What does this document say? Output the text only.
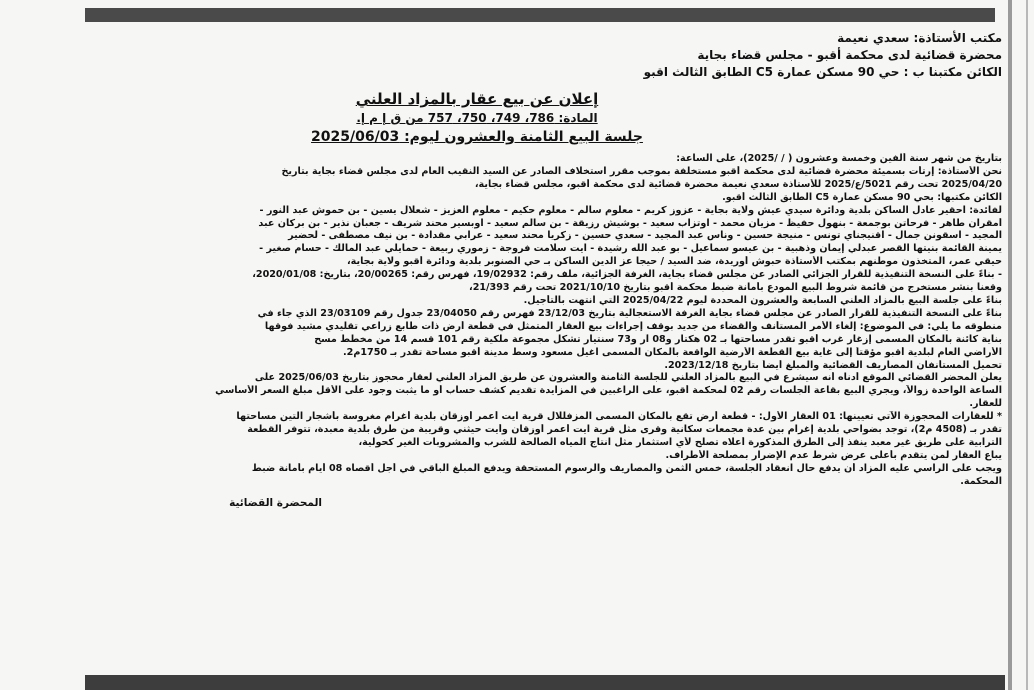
مكتب الأستاذة: سعدي نعيمة
محضرة قضائية لدى محكمة أقبو - مجلس قضاء بجاية
الكائن مكتبنا ب : حي 90 مسكن عمارة C5 الطابق الثالث اقبو
إعلان عن بيع عقار بالمزاد العلني
المادة: 786، 749، 750، 757 من ق إ م إ.
جلسة البيع الثامنة والعشرون ليوم: 2025/06/03
بتاريخ من شهر سنة ألفين وخمسة وعشرون ( / /2025)، على الساعة:
نحن الأستاذة: إرتأت بسميئة محضرة قضائية لدى محكمة أقبو مستخلفة بموجب مقرر استخلاف الصادر عن السيد النقيب العام لدى مجلس قضاء بجاية بتاريخ
2025/04/20 تحت رقم 5021/ع/2025 للأستاذة سعدي نعيمة محضرة قضائية لدى محكمة أقبو، مجلس قضاء بجاية،
الكائن مكتبها: بحي 90 مسكن عمارة C5 الطابق الثالث أقبو.
لفائدة: احقير عادل الساكن بلدية ودائرة سيدي عيش ولاية بجاية - عزوز كريم - معلوم سالم - معلوم حكيم - معلوم العزيز - شعلال يسين - بن حموش عبد النور -
أمقران طاهر - فرحاتن بوجمعة - بنهول حفيظ - مزيان محمد - اوتزاب سعيد - بوشيش رزيقة - بن سالم سعيد - اوبسير محند شريف - جعبان نذير - بن بركان عبد
المجيد - اسقونن جمال - اقنيجناي تونس - منيجة حسين - وناس عبد المجيد - سعدي حسين - زكريا محند سعيد - عرابي مقدادة - بن نيف مصطفى - لحضير
يمينة القائمة بنيتها القصر عبدلي إيمان وذهبية - بن عيسو سماعيل - بو عبد الله رشيدة - ايت سلامت فروجة - زموري ربيعة - حمايلي عبد المالك - حسام صغير -
حيقي عمر، المتخذون موطنهم بمكتب الأستاذة حبوش أوريدة، ضد السيد / حيجا عز الدين الساكن بـ حي الصنوبر بلدية ودائرة أقبو ولاية بجاية،
- بناءً على النسخة التنفيذية للقرار الجزائي الصادر عن مجلس قضاء بجاية، الغرفة الجزائية، ملف رقم: 19/02932، فهرس رقم: 20/00265، بتاريخ: 2020/01/08،
وقعنا بنشر مستخرج من قائمة شروط البيع المودع بأمانة ضبط محكمة أقبو بتاريخ 2021/10/10 تحت رقم 21/393،
بناءً على جلسة البيع بالمزاد العلني السابعة والعشرون المحددة ليوم 2025/04/22 التي انتهت بالتأجيل.
بناءً على النسخة التنفيذية للقرار الصادر عن مجلس قضاء بجاية الغرفة الاستعجالية بتاريخ 23/12/03 فهرس رقم 23/04050 جدول رقم 23/03109 الذي جاء في
منطوقه ما يلي: في الموضوع: إلغاء الأمر المستأنف والقضاء من جديد بوقف إجراءات بيع العقار المتمثل في قطعة أرض ذات طابع زراعي تقليدي مشيد فوقها
بناية كائنة بالمكان المسمى إزغار غرب أقبو تقدر مساحتها بـ 02 هكتار و08 آر و73 سنتيار تشكل مجموعة ملكية رقم 101 قسم 14 من مخطط مسح
الأراضي العام لبلدية أقبو مؤقتاً إلى غاية بيع القطعة الأرضية الواقعة بالمكان المسمى اغيل مسعود وسط مدينة أقبو مساحة تقدر بـ 1750م2.
تحميل المستأنفان المصاريف القضائية والمبلغ أيضاً بتاريخ 2023/12/18.
يعلن المحضر القضائي الموقع أدناه أنه سيشرع في البيع بالمزاد العلني للجلسة الثامنة والعشرون عن طريق المزاد العلني لعقار محجوز بتاريخ 2025/06/03 على
الساعة الواحدة زوالاً، ويجري البيع بقاعة الجلسات رقم 02 لمحكمة أقبو، على الراغبين في المزايدة تقديم كشف حساب أو ما يثبت وجود على الأقل مبلغ السعر الأساسي
للعقار.
* للعقارات المحجوزة الآتي تعيينها: 01 العقار الأول: - قطعة أرض تقع بالمكان المسمى المزفللال قرية ايت أعمر أوزقان بلدية أغرام مغروسة بأشجار التين مساحتها
تقدر بـ (4508 م2)، توجد بضواحي بلدية إغرام بين عدة مجمعات سكانية وقرى مثل قرية ايت أعمر أوزقان وأيت حيثني وقريبة من طرق بلدية معبدة، تتوفر القطعة
الترابية على طريق غير معبد ينفذ إلى الطرق المذكورة أعلاه تصلح لأي استثمار مثل انتاج المياه الصالحة للشرب والمشروبات الغير كحولية،
يباع العقار لمن يتقدم بأعلى عرض شرط عدم الإضرار بمصلحة الأطراف.
ويجب على الراسي عليه المزاد أن يدفع حال انعقاد الجلسة، خمس الثمن والمصاريف والرسوم المستحقة ويدفع المبلغ الباقي في أجل أقصاه 08 أيام بأمانة ضبط
المحكمة.
المحضرة القضائية
